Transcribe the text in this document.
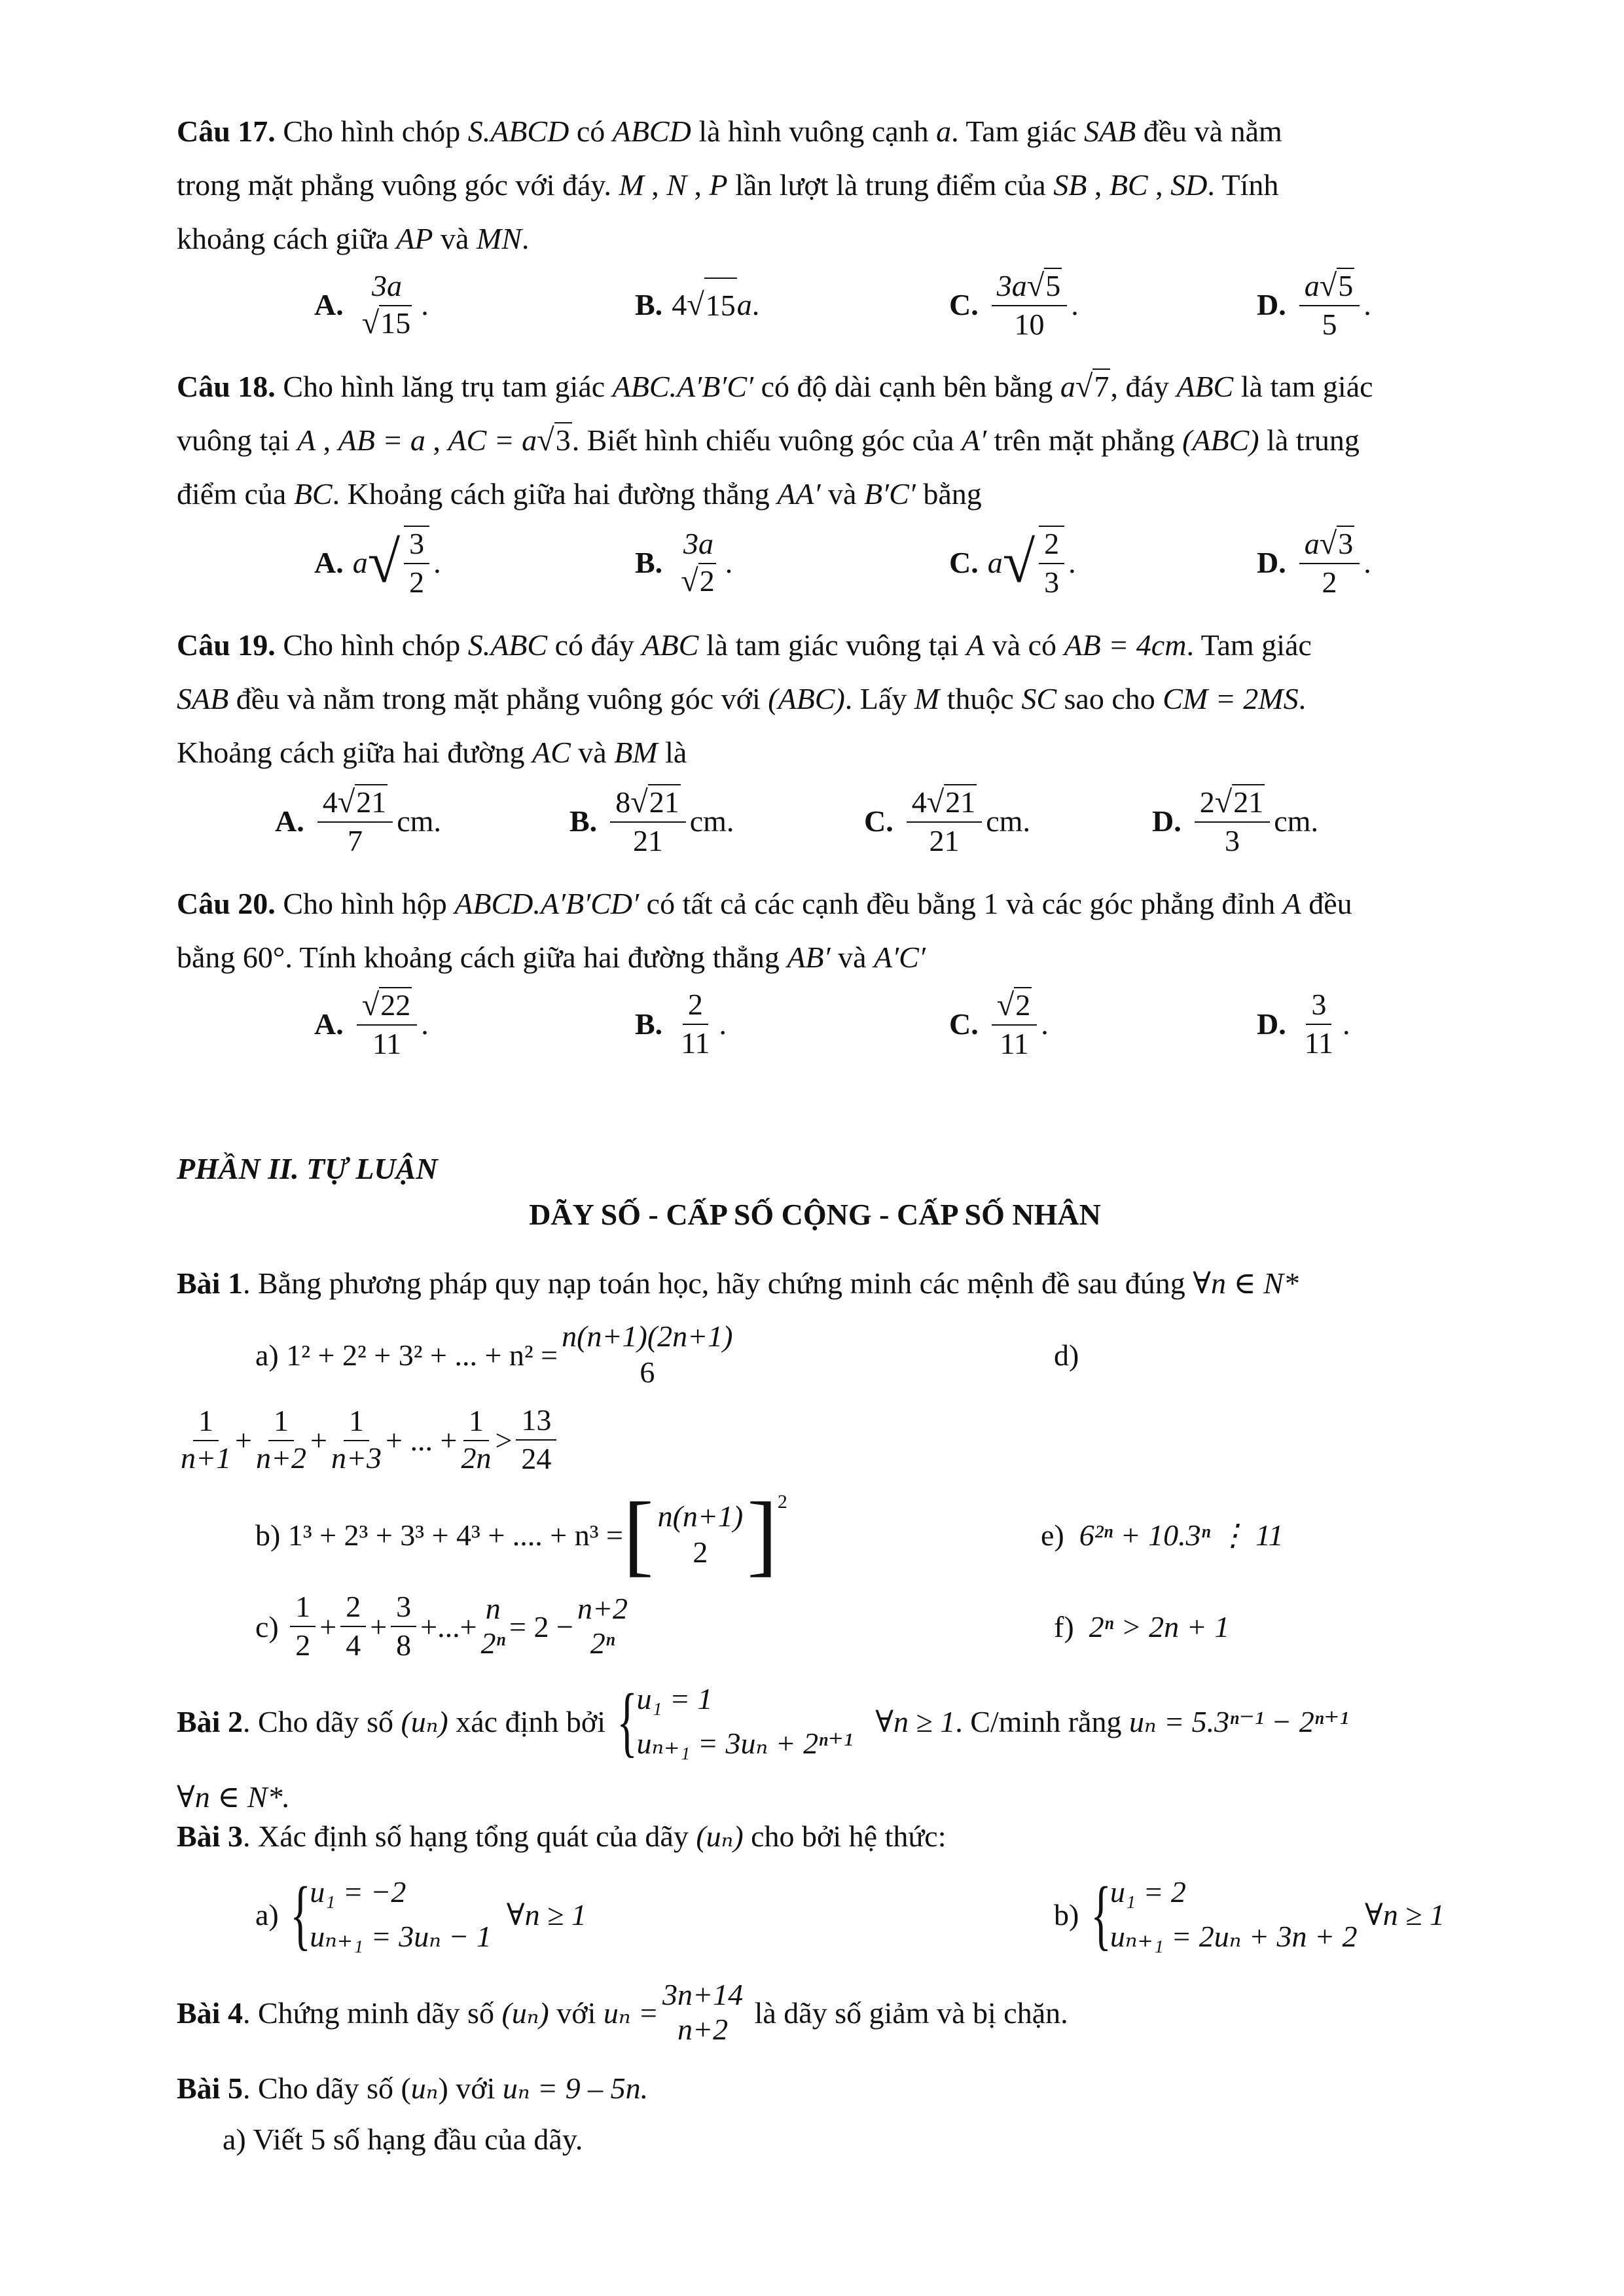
Câu 17. Cho hình chóp S.ABCD có ABCD là hình vuông cạnh a. Tam giác SAB đều và nằm
trong mặt phẳng vuông góc với đáy. M , N , P lần lượt là trung điểm của SB , BC , SD. Tính
khoảng cách giữa AP và MN.
A.
3a
√15
.	B. 4 √ 15 a .	C. $\frac{3a√5}{10}$ .	D. $\frac{a√5}{5}$ .
Câu 18. Cho hình lăng trụ tam giác ABC.A′B′C′ có độ dài cạnh bên bằng a√7, đáy ABC là tam giác
vuông tại A , AB = a , AC = a√3. Biết hình chiếu vuông góc của A′ trên mặt phẳng (ABC) là trung
điểm của BC. Khoảng cách giữa hai đường thẳng AA′ và B′C′ bằng
A. a √ $\frac{3}{2}$ .	B.
3a
√2
.	C. a √ $\frac{2}{3}$ .	D. $\frac{a√3}{2}$ .
Câu 19. Cho hình chóp S.ABC có đáy ABC là tam giác vuông tại A và có AB = 4cm. Tam giác
SAB đều và nằm trong mặt phẳng vuông góc với (ABC). Lấy M thuộc SC sao cho CM = 2MS.
Khoảng cách giữa hai đường AC và BM là
A. $\frac{4√21}{7}$ cm .	B. $\frac{8√21}{21}$ cm .	C. $\frac{4√21}{21}$ cm .	D. $\frac{2√21}{3}$ cm .
Câu 20. Cho hình hộp ABCD.A′B′CD′ có tất cả các cạnh đều bằng 1 và các góc phẳng đỉnh A đều
bằng 60°. Tính khoảng cách giữa hai đường thẳng AB′ và A′C′
A. $\frac{√22}{11}$ .	B. $\frac{2}{11}$ .	C. $\frac{√2}{11}$ .	D. $\frac{3}{11}$ .
PHẦN II. TỰ LUẬN
DÃY SỐ - CẤP SỐ CỘNG - CẤP SỐ NHÂN
Bài 1. Bằng phương pháp quy nạp toán học, hãy chứng minh các mệnh đề sau đúng ∀n ∈ N*
a)
1² + 2² + 3² + ... + n² =
n(n+1)(2n+1)
6
d)
$\frac{1}{n+1} + \frac{1}{n+2} + \frac{1}{n+3}$ + ... + $\frac{1}{2n} > \frac{13}{24}$
b)
1³ + 2³ + 3³ + 4³ + .... + n³ = [ n(n+1)
2 ]$^2$
e)
6²ⁿ + 10.3ⁿ ⋮ 11
c)
$\frac{1}{2} + \frac{2}{4} + \frac{3}{8}$ +...+
n
2ⁿ = 2 −
n+2
2ⁿ	f)
2ⁿ > 2n + 1
Bài 2 . Cho dãy số
(uₙ)
xác định bởi
{
u₁ = 1
uₙ₊₁ = 3uₙ + 2ⁿ⁺¹

∀n ≥ 1 . C/minh rằng
uₙ = 5.3ⁿ⁻¹ − 2ⁿ⁺¹
∀n ∈ N*.
Bài 3. Xác định số hạng tổng quát của dãy (uₙ) cho bởi hệ thức:
a)
{
u₁ = −2
uₙ₊₁ = 3uₙ − 1

∀n ≥ 1	b)
{
u₁ = 2
uₙ₊₁ = 2uₙ + 3n + 2

∀n ≥ 1
Bài 4 . Chứng minh dãy số
(uₙ)
với
uₙ =
3n+14
n+2
là dãy số giảm và bị chặn.
Bài 5. Cho dãy số (uₙ) với uₙ = 9 – 5n.
a) Viết 5 số hạng đầu của dãy.
